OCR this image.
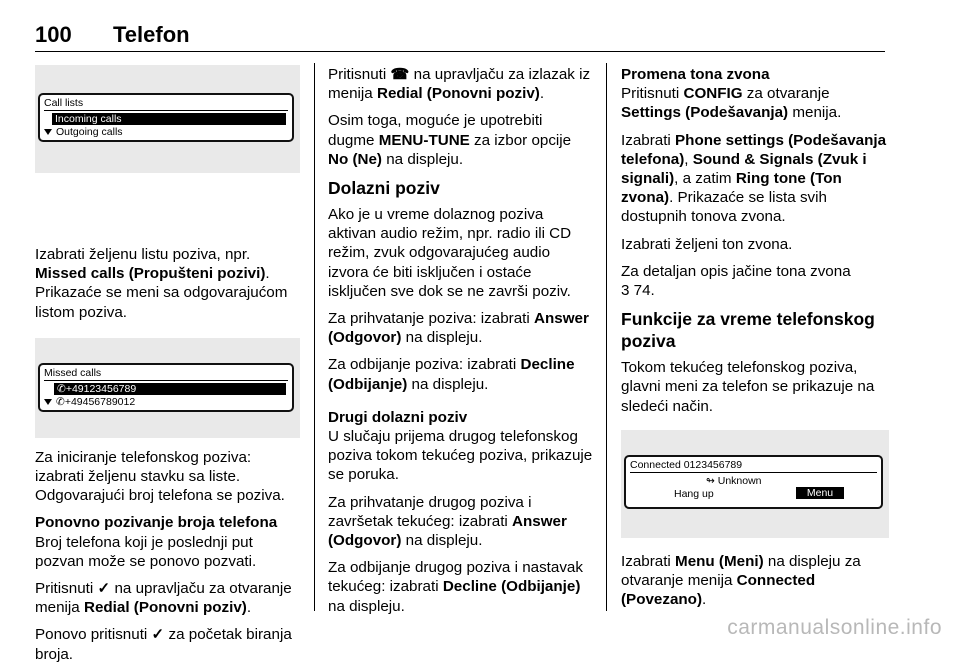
100 Telefon
Call lists
Incoming calls
Outgoing calls

Izabrati željenu listu poziva, npr.
Missed calls (Propušteni pozivi). Prikazaće se meni sa odgovarajućom listom poziva.

Missed calls
✆+49123456789
✆+49456789012

Za iniciranje telefonskog poziva: izabrati željenu stavku sa liste. Odgovarajući broj telefona se poziva.

Ponovno pozivanje broja telefona

Broj telefona koji je poslednji put pozvan može se ponovo pozvati.

Pritisnuti ✓ na upravljaču za otvaranje menija Redial (Ponovni poziv).

Ponovo pritisnuti ✓ za početak biranja broja.

Pritisnuti ☎ na upravljaču za izlazak iz menija Redial (Ponovni poziv).

Osim toga, moguće je upotrebiti dugme MENU-TUNE za izbor opcije No (Ne) na displeju.

Dolazni poziv

Ako je u vreme dolaznog poziva aktivan audio režim, npr. radio ili CD režim, zvuk odgovarajućeg audio izvora će biti isključen i ostaće isključen sve dok se ne završi poziv.

Za prihvatanje poziva: izabrati Answer (Odgovor) na displeju.

Za odbijanje poziva: izabrati Decline (Odbijanje) na displeju.

Drugi dolazni poziv

U slučaju prijema drugog telefonskog poziva tokom tekućeg poziva, prikazuje se poruka.

Za prihvatanje drugog poziva i završetak tekućeg: izabrati Answer (Odgovor) na displeju.

Za odbijanje drugog poziva i nastavak tekućeg: izabrati Decline (Odbijanje) na displeju.

Promena tona zvona

Pritisnuti CONFIG za otvaranje
Settings (Podešavanja) menija.

Izabrati Phone settings (Podešavanja telefona), Sound & Signals (Zvuk i signali), a zatim Ring tone (Ton zvona). Prikazaće se lista svih dostupnih tonova zvona.

Izabrati željeni ton zvona.

Za detaljan opis jačine tona zvona
3 74.

Funkcije za vreme telefonskog poziva

Tokom tekućeg telefonskog poziva, glavni meni za telefon se prikazuje na sledeći način.

Connected 0123456789
↬ Unknown
Hang up	Menu

Izabrati Menu (Meni) na displeju za otvaranje menija Connected (Povezano).

carmanualsonline.info
